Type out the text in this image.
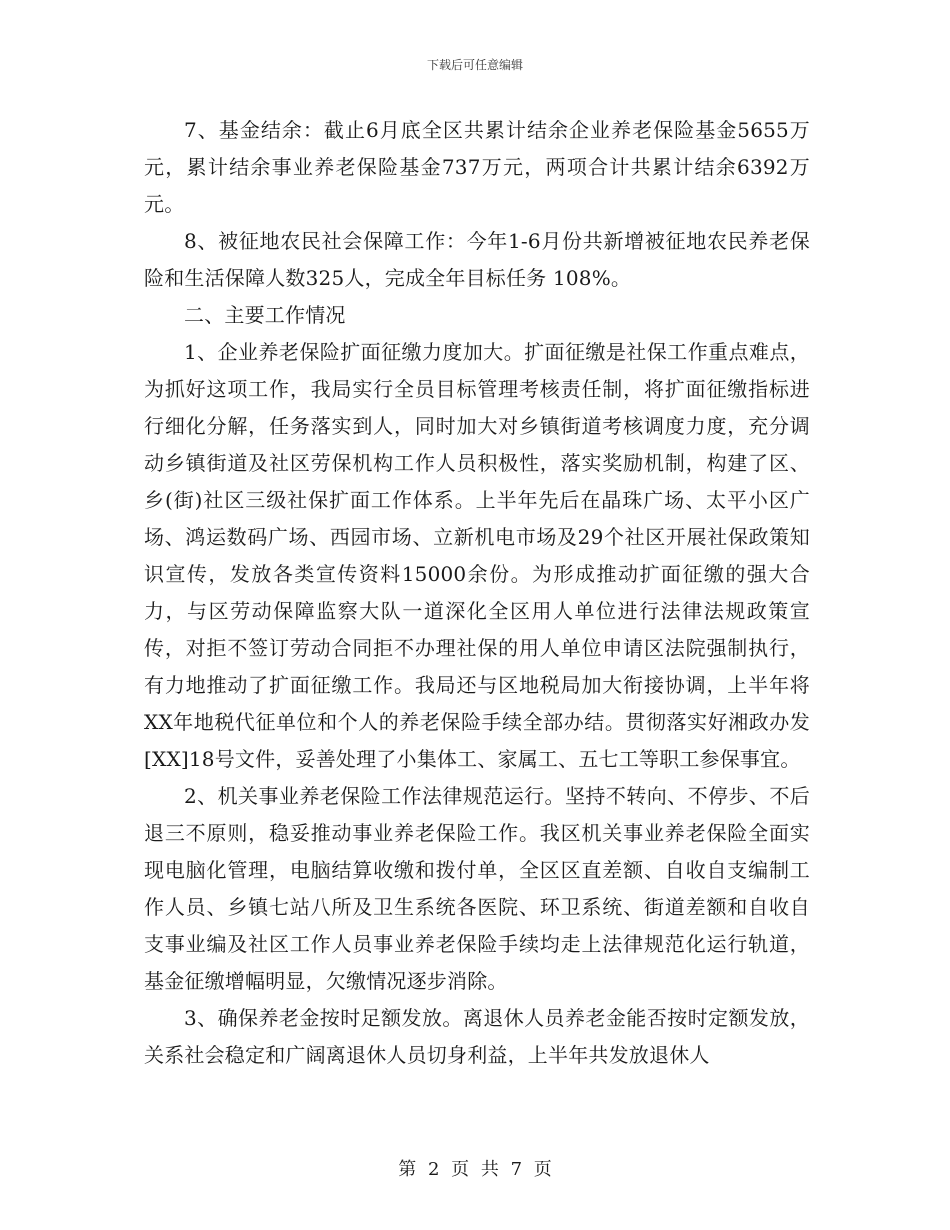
下载后可任意编辑

7、基金结余：截止6月底全区共累计结余企业养老保险基金5655万元，累计结余事业养老保险基金737万元，两项合计共累计结余6392万元。

8、被征地农民社会保障工作：今年1-6月份共新增被征地农民养老保险和生活保障人数325人，完成全年目标任务 108%。

二、主要工作情况

1、企业养老保险扩面征缴力度加大。扩面征缴是社保工作重点难点，为抓好这项工作，我局实行全员目标管理考核责任制，将扩面征缴指标进行细化分解，任务落实到人，同时加大对乡镇街道考核调度力度，充分调动乡镇街道及社区劳保机构工作人员积极性，落实奖励机制，构建了区、乡(街)社区三级社保扩面工作体系。上半年先后在晶珠广场、太平小区广场、鸿运数码广场、西园市场、立新机电市场及29个社区开展社保政策知识宣传，发放各类宣传资料15000余份。为形成推动扩面征缴的强大合力，与区劳动保障监察大队一道深化全区用人单位进行法律法规政策宣传，对拒不签订劳动合同拒不办理社保的用人单位申请区法院强制执行，有力地推动了扩面征缴工作。我局还与区地税局加大衔接协调，上半年将XX年地税代征单位和个人的养老保险手续全部办结。贯彻落实好湘政办发[XX]18号文件，妥善处理了小集体工、家属工、五七工等职工参保事宜。

2、机关事业养老保险工作法律规范运行。坚持不转向、不停步、不后退三不原则，稳妥推动事业养老保险工作。我区机关事业养老保险全面实现电脑化管理，电脑结算收缴和拨付单，全区区直差额、自收自支编制工作人员、乡镇七站八所及卫生系统各医院、环卫系统、街道差额和自收自支事业编及社区工作人员事业养老保险手续均走上法律规范化运行轨道，基金征缴增幅明显，欠缴情况逐步消除。

3、确保养老金按时足额发放。离退休人员养老金能否按时定额发放，关系社会稳定和广阔离退休人员切身利益，上半年共发放退休人

第 2 页 共 7 页
